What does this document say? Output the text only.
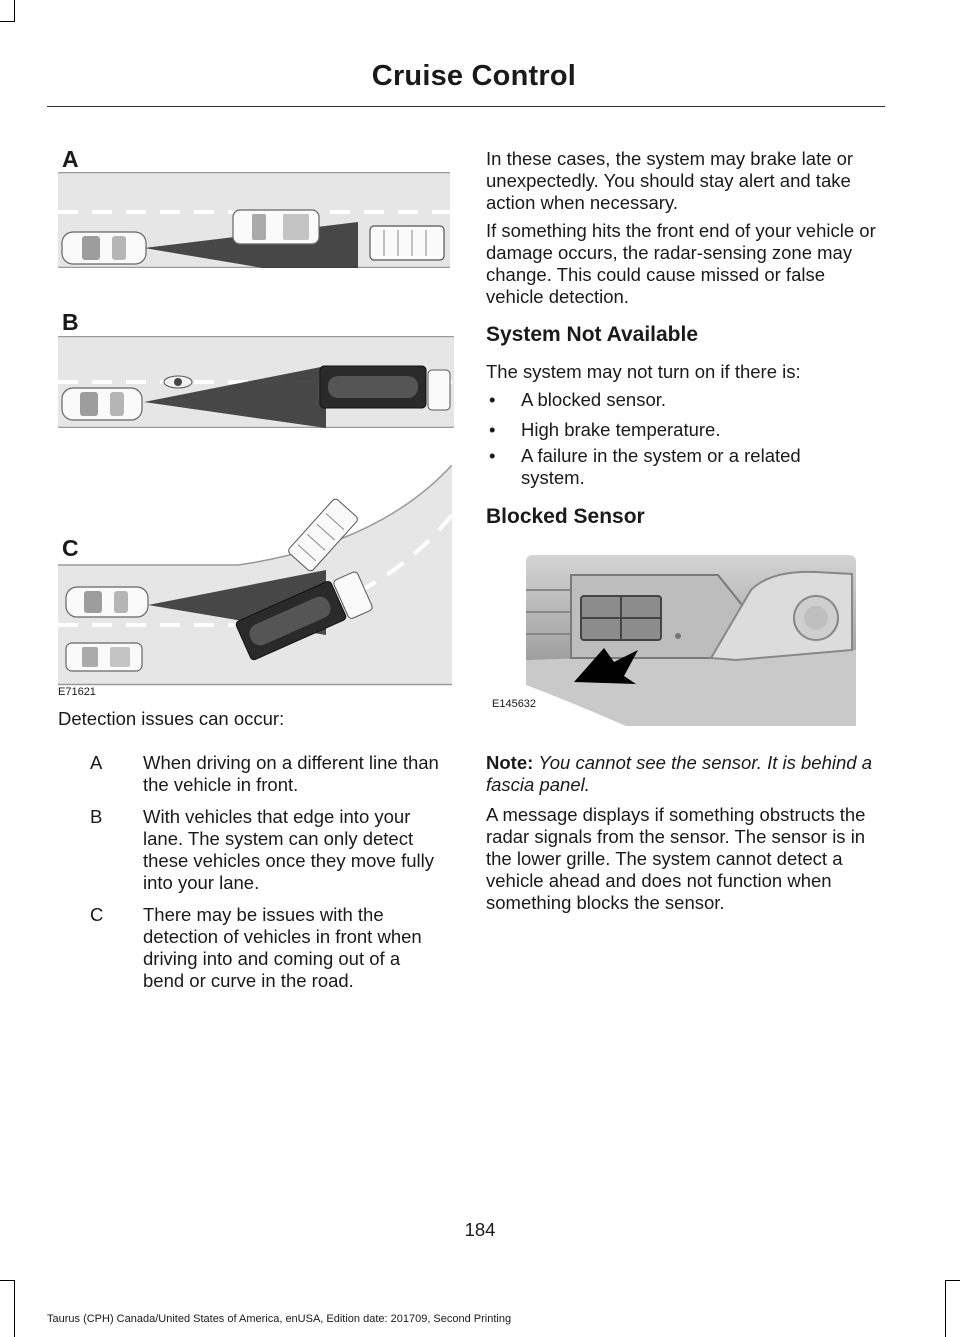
Cruise Control
A
B
C
E71621

Detection issues can occur:

A When driving on a different line than the vehicle in front.

B With vehicles that edge into your lane. The system can only detect these vehicles once they move fully into your lane.

C There may be issues with the detection of vehicles in front when driving into and coming out of a bend or curve in the road.

In these cases, the system may brake late or unexpectedly. You should stay alert and take action when necessary.

If something hits the front end of your vehicle or damage occurs, the radar-sensing zone may change. This could cause missed or false vehicle detection.

System Not Available

The system may not turn on if there is:

• A blocked sensor.
• High brake temperature.
• A failure in the system or a related system.
Blocked Sensor
E145632

Note: You cannot see the sensor. It is behind a fascia panel.

A message displays if something obstructs the radar signals from the sensor. The sensor is in the lower grille. The system cannot detect a vehicle ahead and does not function when something blocks the sensor.

184
Taurus (CPH) Canada/United States of America, enUSA, Edition date: 201709, Second Printing
